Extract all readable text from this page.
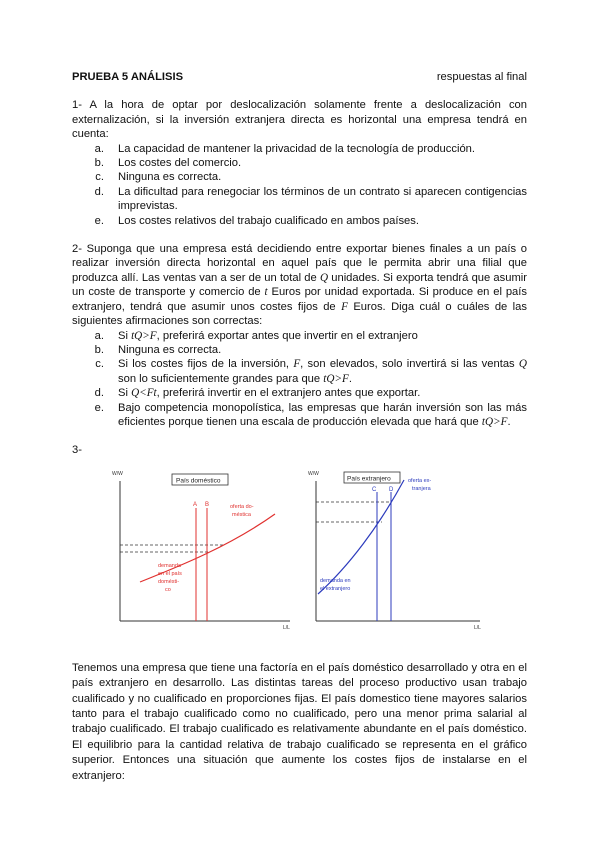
PRUEBA 5 ANÁLISIS	respuestas al final

1- A la hora de optar por deslocalización solamente frente a deslocalización con externalización, si la inversión extranjera directa es horizontal una empresa tendrá en cuenta:

a.	La capacidad de mantener la privacidad de la tecnología de producción.
b.	Los costes del comercio.
c.	Ninguna es correcta.
d.	La dificultad para renegociar los términos de un contrato si aparecen contigencias imprevistas.
e.	Los costes relativos del trabajo cualificado en ambos países.

2- Suponga que una empresa está decidiendo entre exportar bienes finales a un país o realizar inversión directa horizontal en aquel país que le permita abrir una filial que produzca allí. Las ventas van a ser de un total de Q unidades. Si exporta tendrá que asumir un coste de transporte y comercio de t Euros por unidad exportada. Si produce en el país extranjero, tendrá que asumir unos costes fijos de F Euros. Diga cuál o cuáles de las siguientes afirmaciones son correctas:

a.	Si tQ>F, preferirá exportar antes que invertir en el extranjero
b.	Ninguna es correcta.
c.	Si los costes fijos de la inversión, F, son elevados, solo invertirá si las ventas Q son lo suficientemente grandes para que tQ>F.
d.	Si Q<Ft, preferirá invertir en el extranjero antes que exportar.
e.	Bajo competencia monopolística, las empresas que harán inversión son las más eficientes porque tienen una escala de producción elevada que hará que tQ>F.
3-
W/W
L/L
País doméstico
A B	oferta do-
méstica
demanda
en el país
domésti-
co
W/W
L/L
País extranjero
C D
oferta ex-
tranjera
demanda en
el extranjero

Tenemos una empresa que tiene una factoría en el país doméstico desarrollado y otra en el país extranjero en desarrollo. Las distintas tareas del proceso productivo usan trabajo cualificado y no cualificado en proporciones fijas. El país domestico tiene mayores salarios tanto para el trabajo cualificado como no cualificado, pero una menor prima salarial al trabajo cualificado. El trabajo cualificado es relativamente abundante en el país doméstico. El equilibrio para la cantidad relativa de trabajo cualificado se representa en el gráfico superior. Entonces una situación que aumente los costes fijos de instalarse en el extranjero:
